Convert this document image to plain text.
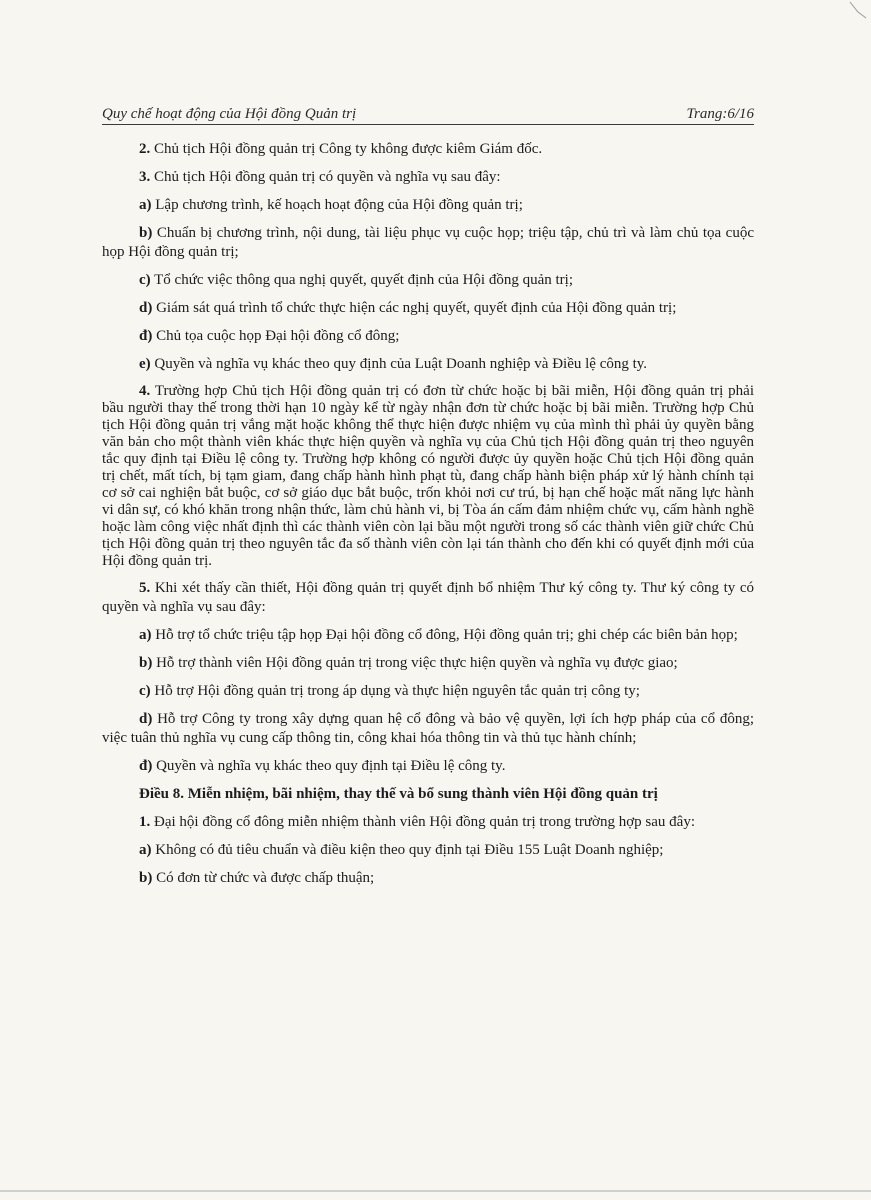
Quy chế hoạt động của Hội đồng Quản trị	Trang:6/16
2. Chủ tịch Hội đồng quản trị Công ty không được kiêm Giám đốc.
3. Chủ tịch Hội đồng quản trị có quyền và nghĩa vụ sau đây:
a) Lập chương trình, kế hoạch hoạt động của Hội đồng quản trị;
b) Chuẩn bị chương trình, nội dung, tài liệu phục vụ cuộc họp; triệu tập, chủ trì và làm chủ tọa cuộc họp Hội đồng quản trị;
c) Tổ chức việc thông qua nghị quyết, quyết định của Hội đồng quản trị;
d) Giám sát quá trình tổ chức thực hiện các nghị quyết, quyết định của Hội đồng quản trị;
đ) Chủ tọa cuộc họp Đại hội đồng cổ đông;
e) Quyền và nghĩa vụ khác theo quy định của Luật Doanh nghiệp và Điều lệ công ty.
4. Trường hợp Chủ tịch Hội đồng quản trị có đơn từ chức hoặc bị bãi miễn, Hội đồng quản trị phải bầu người thay thế trong thời hạn 10 ngày kể từ ngày nhận đơn từ chức hoặc bị bãi miễn. Trường hợp Chủ tịch Hội đồng quản trị vắng mặt hoặc không thể thực hiện được nhiệm vụ của mình thì phải ủy quyền bằng văn bản cho một thành viên khác thực hiện quyền và nghĩa vụ của Chủ tịch Hội đồng quản trị theo nguyên tắc quy định tại Điều lệ công ty. Trường hợp không có người được ủy quyền hoặc Chủ tịch Hội đồng quản trị chết, mất tích, bị tạm giam, đang chấp hành hình phạt tù, đang chấp hành biện pháp xử lý hành chính tại cơ sở cai nghiện bắt buộc, cơ sở giáo dục bắt buộc, trốn khỏi nơi cư trú, bị hạn chế hoặc mất năng lực hành vi dân sự, có khó khăn trong nhận thức, làm chủ hành vi, bị Tòa án cấm đảm nhiệm chức vụ, cấm hành nghề hoặc làm công việc nhất định thì các thành viên còn lại bầu một người trong số các thành viên giữ chức Chủ tịch Hội đồng quản trị theo nguyên tắc đa số thành viên còn lại tán thành cho đến khi có quyết định mới của Hội đồng quản trị.
5. Khi xét thấy cần thiết, Hội đồng quản trị quyết định bổ nhiệm Thư ký công ty. Thư ký công ty có quyền và nghĩa vụ sau đây:
a) Hỗ trợ tổ chức triệu tập họp Đại hội đồng cổ đông, Hội đồng quản trị; ghi chép các biên bản họp;
b) Hỗ trợ thành viên Hội đồng quản trị trong việc thực hiện quyền và nghĩa vụ được giao;
c) Hỗ trợ Hội đồng quản trị trong áp dụng và thực hiện nguyên tắc quản trị công ty;
d) Hỗ trợ Công ty trong xây dựng quan hệ cổ đông và bảo vệ quyền, lợi ích hợp pháp của cổ đông; việc tuân thủ nghĩa vụ cung cấp thông tin, công khai hóa thông tin và thủ tục hành chính;
đ) Quyền và nghĩa vụ khác theo quy định tại Điều lệ công ty.
Điều 8. Miễn nhiệm, bãi nhiệm, thay thế và bổ sung thành viên Hội đồng quản trị
1. Đại hội đồng cổ đông miễn nhiệm thành viên Hội đồng quản trị trong trường hợp sau đây:
a) Không có đủ tiêu chuẩn và điều kiện theo quy định tại Điều 155 Luật Doanh nghiệp;
b) Có đơn từ chức và được chấp thuận;
